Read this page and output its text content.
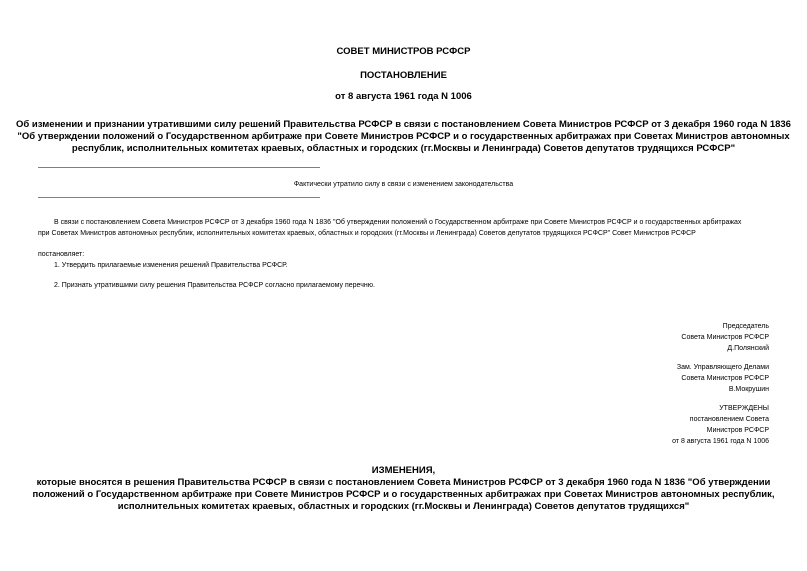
СОВЕТ МИНИСТРОВ РСФСР
ПОСТАНОВЛЕНИЕ
от 8 августа 1961 года N 1006
Об изменении и признании утратившими силу решений Правительства РСФСР в связи с постановлением Совета Министров РСФСР от 3 декабря 1960 года N 1836
"Об утверждении положений о Государственном арбитраже при Совете Министров РСФСР и о государственных арбитражах при Советах Министров автономных
республик, исполнительных комитетах краевых, областных и городских (гг.Москвы и Ленинграда) Советов депутатов трудящихся РСФСР"
Фактически утратило силу в связи с изменением законодательства
В связи с постановлением Совета Министров РСФСР от 3 декабря 1960 года N 1836 "Об утверждении положений о Государственном арбитраже при Совете Министров РСФСР и о государственных арбитражах
при Советах Министров автономных республик, исполнительных комитетах краевых, областных и городских (гг.Москвы и Ленинграда) Советов депутатов трудящихся РСФСР" Совет Министров РСФСР
постановляет:
1. Утвердить прилагаемые изменения решений Правительства РСФСР.
2. Признать утратившими силу решения Правительства РСФСР согласно прилагаемому перечню.
Председатель
Совета Министров РСФСР
Д.Полянский
Зам. Управляющего Делами
Совета Министров РСФСР
В.Мокрушин
УТВЕРЖДЕНЫ
постановлением Совета
Министров РСФСР
от 8 августа 1961 года N 1006
ИЗМЕНЕНИЯ,
которые вносятся в решения Правительства РСФСР в связи с постановлением Совета Министров РСФСР от 3 декабря 1960 года N 1836 "Об утверждении
положений о Государственном арбитраже при Совете Министров РСФСР и о государственных арбитражах при Советах Министров автономных республик,
исполнительных комитетах краевых, областных и городских (гг.Москвы и Ленинграда) Советов депутатов трудящихся"
